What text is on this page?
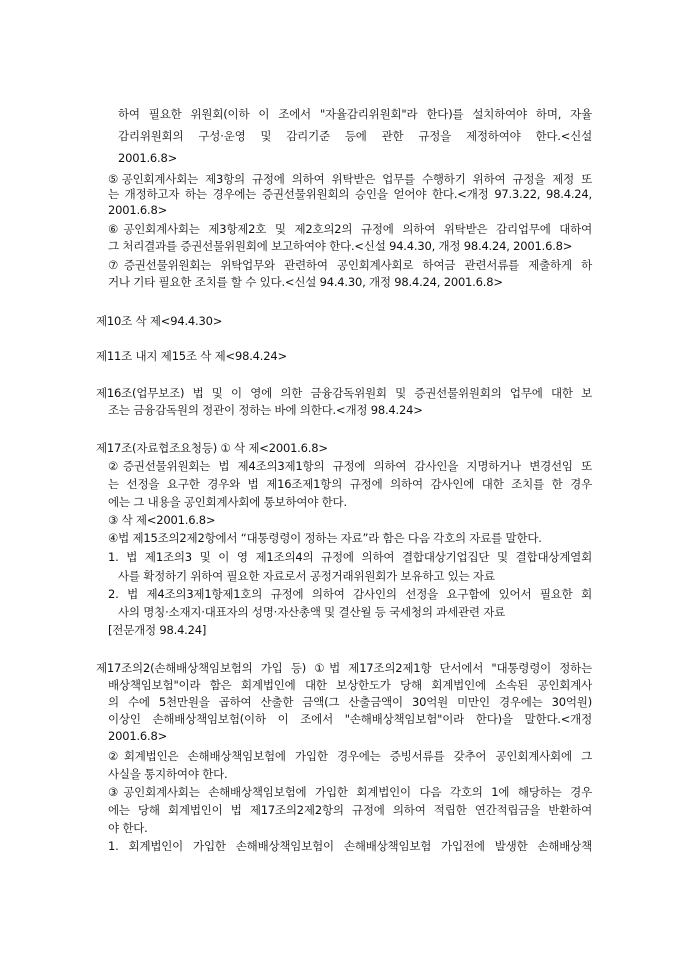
하여 필요한 위원회(이하 이 조에서 "자율감리위원회"라 한다)를 설치하여야 하며, 자율
감리위원회의 구성·운영 및 감리기준 등에 관한 규정을 제정하여야 한다.<신설
2001.6.8>
⑤공인회계사회는 제3항의 규정에 의하여 위탁받은 업무를 수행하기 위하여 규정을 제정 또
는 개정하고자 하는 경우에는 증권선물위원회의 승인을 얻어야 한다.<개정 97.3.22, 98.4.24,
2001.6.8>
⑥공인회계사회는 제3항제2호 및 제2호의2의 규정에 의하여 위탁받은 감리업무에 대하여
그 처리결과를 증권선물위원회에 보고하여야 한다.<신설 94.4.30, 개정 98.4.24, 2001.6.8>
⑦증권선물위원회는 위탁업무와 관련하여 공인회계사회로 하여금 관련서류를 제출하게 하
거나 기타 필요한 조치를 할 수 있다.<신설 94.4.30, 개정 98.4.24, 2001.6.8>
제10조 삭 제<94.4.30>
제11조 내지 제15조 삭 제<98.4.24>
제16조(업무보조) 법 및 이 영에 의한 금융감독위원회 및 증권선물위원회의 업무에 대한 보
조는 금융감독원의 정관이 정하는 바에 의한다.<개정 98.4.24>
제17조(자료협조요청등) ① 삭 제<2001.6.8>
②증권선물위원회는 법 제4조의3제1항의 규정에 의하여 감사인을 지명하거나 변경선임 또
는 선정을 요구한 경우와 법 제16조제1항의 규정에 의하여 감사인에 대한 조치를 한 경우
에는 그 내용을 공인회계사회에 통보하여야 한다.
③ 삭 제<2001.6.8>
④법 제15조의2제2항에서 “대통령령이 정하는 자료”라 함은 다음 각호의 자료를 말한다.
1. 법 제1조의3 및 이 영 제1조의4의 규정에 의하여 결합대상기업집단 및 결합대상계열회
사를 확정하기 위하여 필요한 자료로서 공정거래위원회가 보유하고 있는 자료
2. 법 제4조의3제1항제1호의 규정에 의하여 감사인의 선정을 요구함에 있어서 필요한 회
사의 명칭·소재지·대표자의 성명·자산총액 및 결산월 등 국세청의 과세관련 자료
[전문개정 98.4.24]
제17조의2(손해배상책임보험의 가입 등) ①법 제17조의2제1항 단서에서 "대통령령이 정하는
배상책임보험"이라 함은 회계법인에 대한 보상한도가 당해 회계법인에 소속된 공인회계사
의 수에 5천만원을 곱하여 산출한 금액(그 산출금액이 30억원 미만인 경우에는 30억원)
이상인 손해배상책임보험(이하 이 조에서 "손해배상책임보험"이라 한다)을 말한다.<개정
2001.6.8>
②회계법인은 손해배상책임보험에 가입한 경우에는 증빙서류를 갖추어 공인회계사회에 그
사실을 통지하여야 한다.
③공인회계사회는 손해배상책임보험에 가입한 회계법인이 다음 각호의 1에 해당하는 경우
에는 당해 회계법인이 법 제17조의2제2항의 규정에 의하여 적립한 연간적립금을 반환하여
야 한다.
1. 회계법인이 가입한 손해배상책임보험이 손해배상책임보험 가입전에 발생한 손해배상책
